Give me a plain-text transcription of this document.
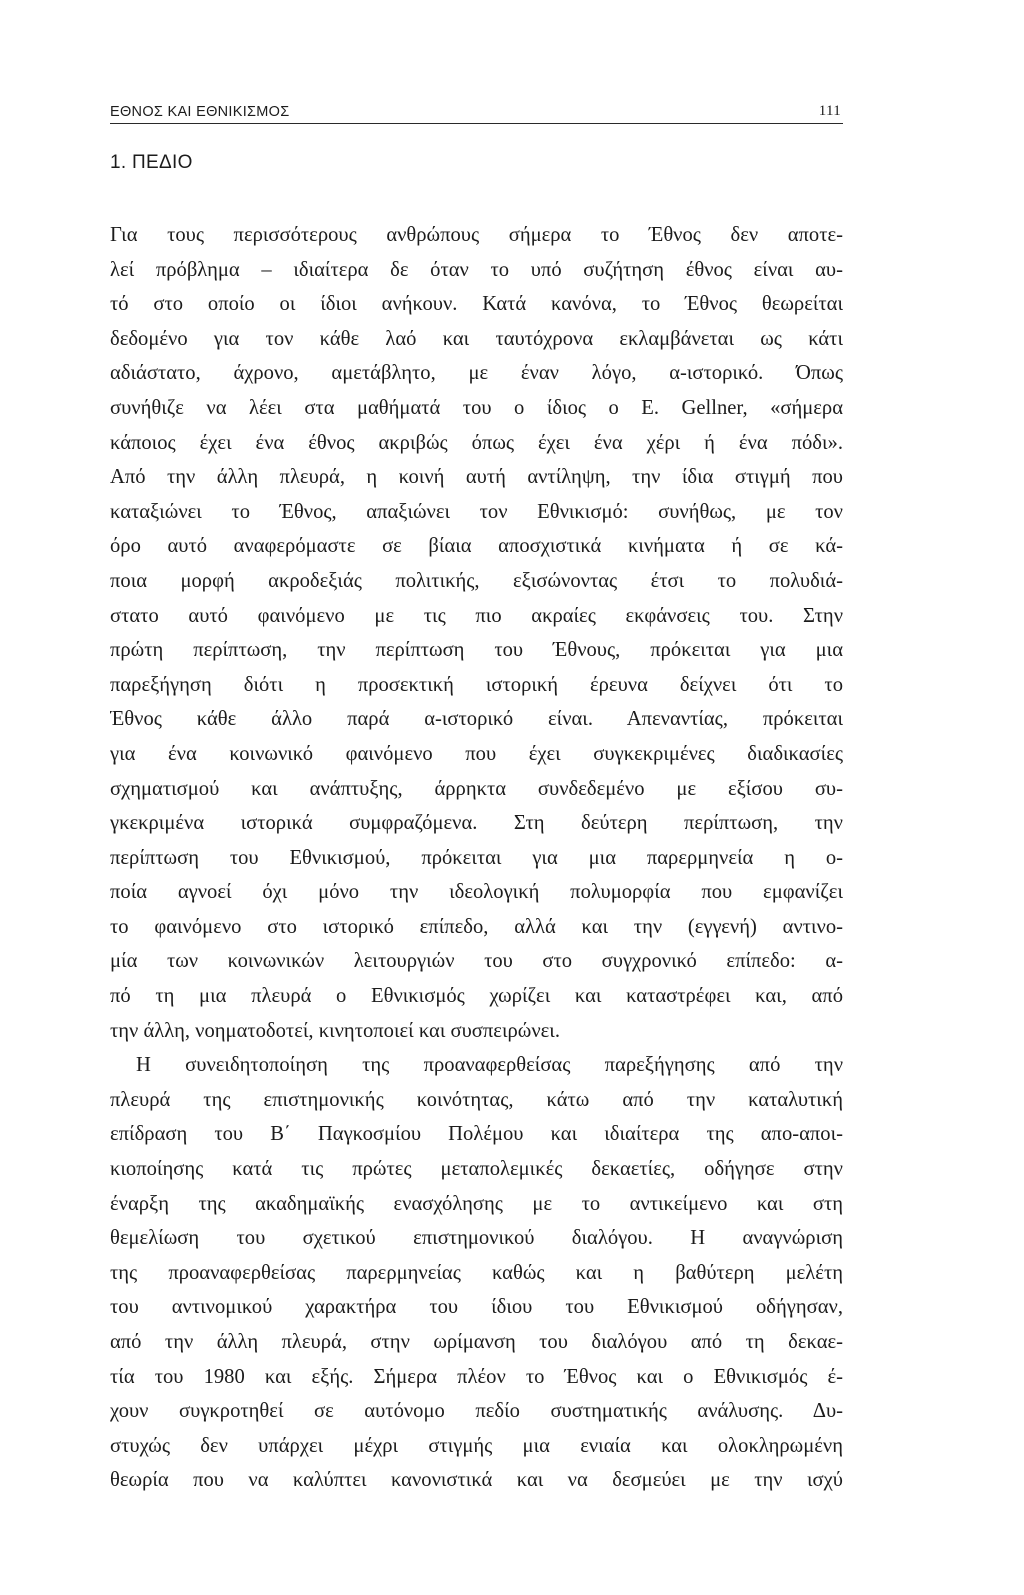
ΕΘΝΟΣ ΚΑΙ ΕΘΝΙΚΙΣΜΟΣ	111
1. ΠΕΔΙΟ
Για τους περισσότερους ανθρώπους σήμερα το Έθνος δεν αποτε-
λεί πρόβλημα – ιδιαίτερα δε όταν το υπό συζήτηση έθνος είναι αυ-
τό στο οποίο οι ίδιοι ανήκουν. Κατά κανόνα, το Έθνος θεωρείται
δεδομένο για τον κάθε λαό και ταυτόχρονα εκλαμβάνεται ως κάτι
αδιάστατο, άχρονο, αμετάβλητο, με έναν λόγο, α-ιστορικό. Όπως
συνήθιζε να λέει στα μαθήματά του ο ίδιος ο Ε. Gellner, «σήμερα
κάποιος έχει ένα έθνος ακριβώς όπως έχει ένα χέρι ή ένα πόδι».
Από την άλλη πλευρά, η κοινή αυτή αντίληψη, την ίδια στιγμή που
καταξιώνει το Έθνος, απαξιώνει τον Εθνικισμό: συνήθως, με τον
όρο αυτό αναφερόμαστε σε βίαια αποσχιστικά κινήματα ή σε κά-
ποια μορφή ακροδεξιάς πολιτικής, εξισώνοντας έτσι το πολυδιά-
στατο αυτό φαινόμενο με τις πιο ακραίες εκφάνσεις του. Στην
πρώτη περίπτωση, την περίπτωση του Έθνους, πρόκειται για μια
παρεξήγηση διότι η προσεκτική ιστορική έρευνα δείχνει ότι το
Έθνος κάθε άλλο παρά α-ιστορικό είναι. Απεναντίας, πρόκειται
για ένα κοινωνικό φαινόμενο που έχει συγκεκριμένες διαδικασίες
σχηματισμού και ανάπτυξης, άρρηκτα συνδεδεμένο με εξίσου συ-
γκεκριμένα ιστορικά συμφραζόμενα. Στη δεύτερη περίπτωση, την
περίπτωση του Εθνικισμού, πρόκειται για μια παρερμηνεία η ο-
ποία αγνοεί όχι μόνο την ιδεολογική πολυμορφία που εμφανίζει
το φαινόμενο στο ιστορικό επίπεδο, αλλά και την (εγγενή) αντινο-
μία των κοινωνικών λειτουργιών του στο συγχρονικό επίπεδο: α-
πό τη μια πλευρά ο Εθνικισμός χωρίζει και καταστρέφει και, από
την άλλη, νοηματοδοτεί, κινητοποιεί και συσπειρώνει.
Η συνειδητοποίηση της προαναφερθείσας παρεξήγησης από την
πλευρά της επιστημονικής κοινότητας, κάτω από την καταλυτική
επίδραση του Β΄ Παγκοσμίου Πολέμου και ιδιαίτερα της απο-αποι-
κιοποίησης κατά τις πρώτες μεταπολεμικές δεκαετίες, οδήγησε στην
έναρξη της ακαδημαϊκής ενασχόλησης με το αντικείμενο και στη
θεμελίωση του σχετικού επιστημονικού διαλόγου. Η αναγνώριση
της προαναφερθείσας παρερμηνείας καθώς και η βαθύτερη μελέτη
του αντινομικού χαρακτήρα του ίδιου του Εθνικισμού οδήγησαν,
από την άλλη πλευρά, στην ωρίμανση του διαλόγου από τη δεκαε-
τία του 1980 και εξής. Σήμερα πλέον το Έθνος και ο Εθνικισμός έ-
χουν συγκροτηθεί σε αυτόνομο πεδίο συστηματικής ανάλυσης. Δυ-
στυχώς δεν υπάρχει μέχρι στιγμής μια ενιαία και ολοκληρωμένη
θεωρία που να καλύπτει κανονιστικά και να δεσμεύει με την ισχύ
